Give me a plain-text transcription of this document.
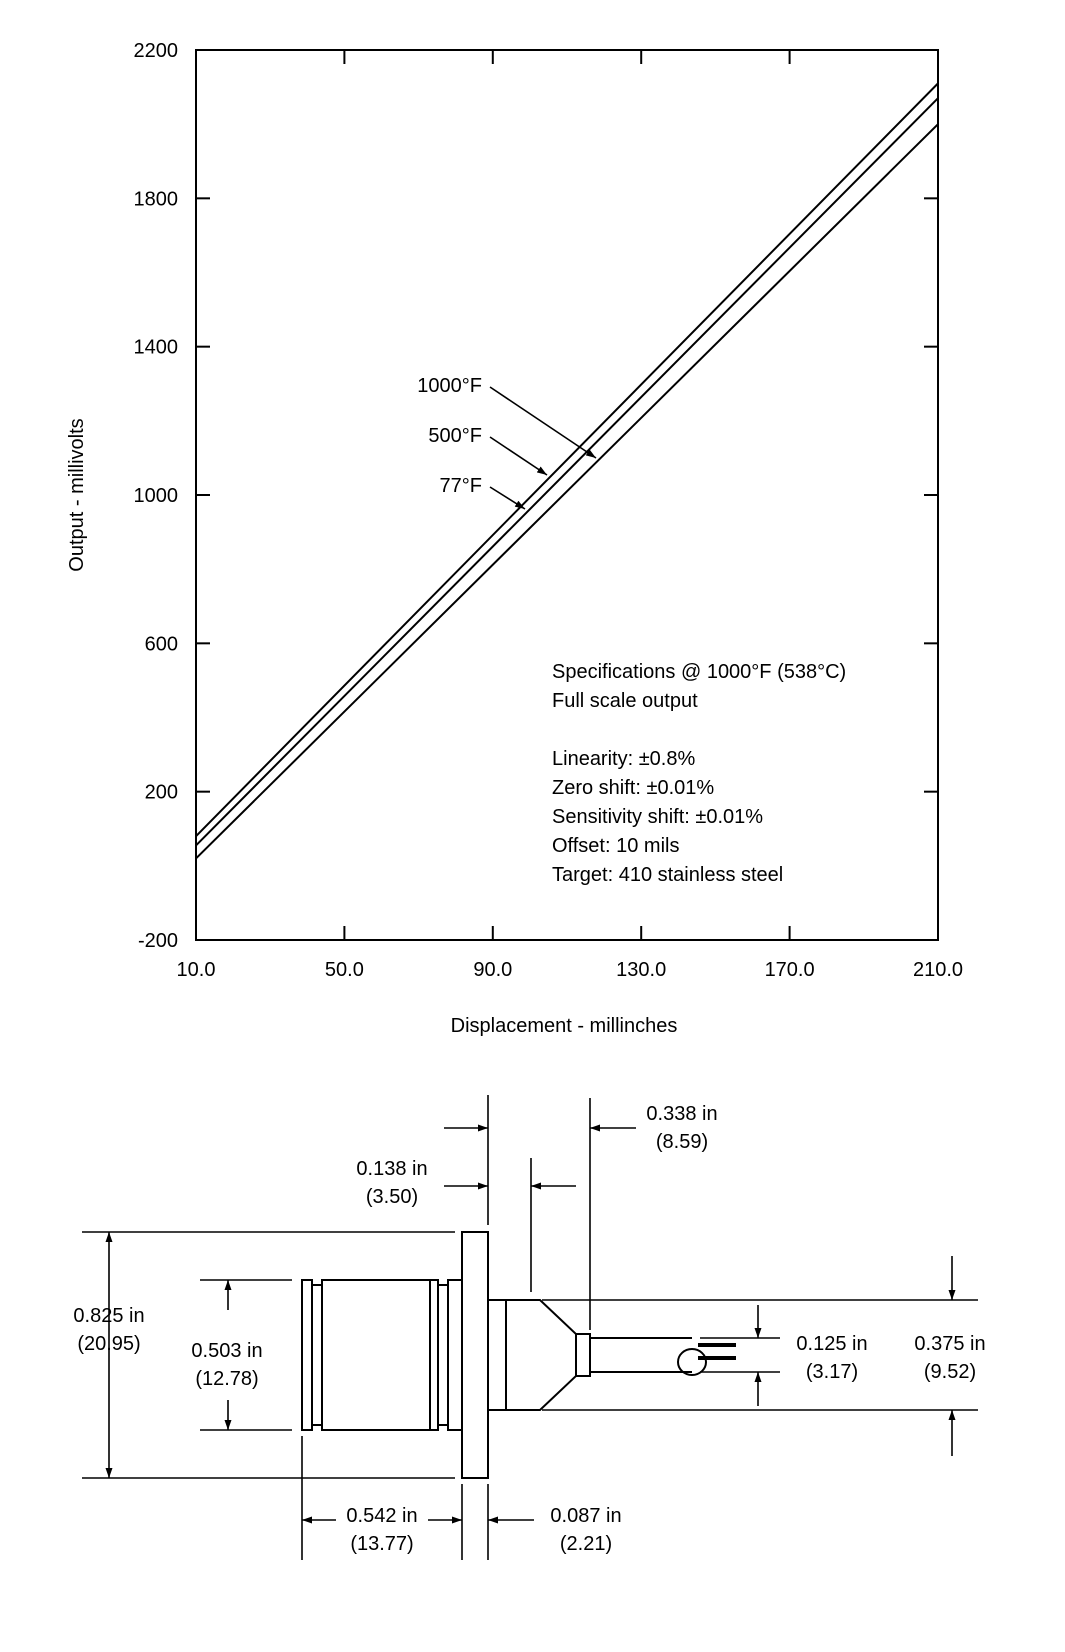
10.0	50.0	90.0	130.0	170.0	210.0
-200
200
600
1000
1400
1800
2200
1000°F
500°F
77°F
Displacement - millinches
Output - millivolts
Specifications @ 1000°F (538°C)
Full scale output
Linearity: ±0.8%
Zero shift: ±0.01%
Sensitivity shift: ±0.01%
Offset: 10 mils
Target: 410 stainless steel
0.138 in
(3.50)
0.338 in
(8.59)
0.825 in
(20.95)	0.503 in
(12.78)
0.125 in
(3.17)
0.375 in
(9.52)
0.542 in
(13.77)
0.087 in
(2.21)
